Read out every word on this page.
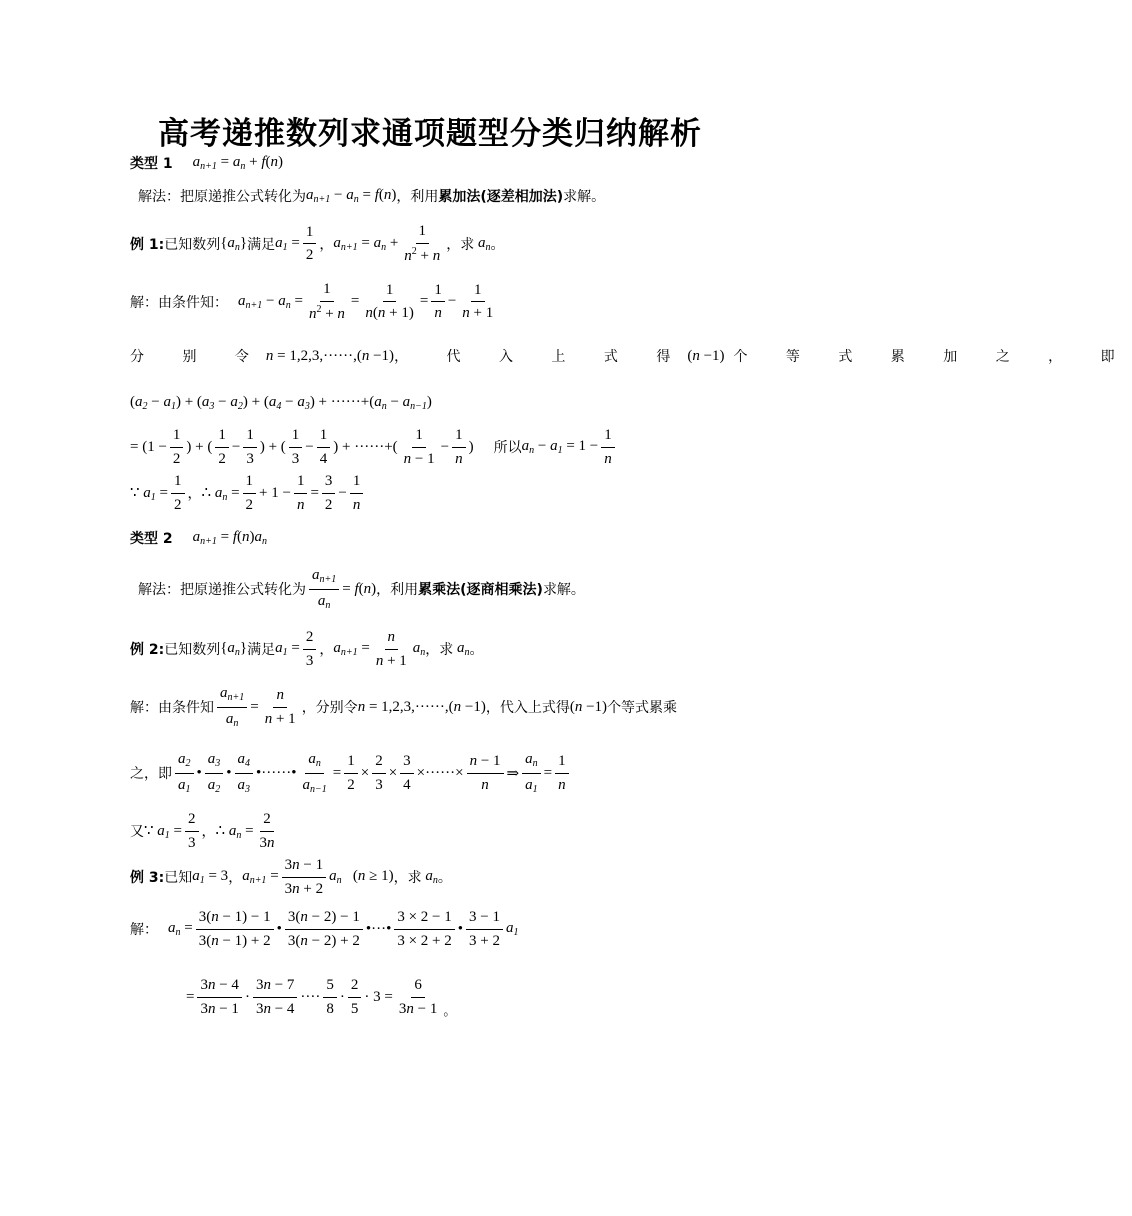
高考递推数列求通项题型分类归纳解析
类型 1 $a_{n+1} = a_n + f(n)$
解法：把原递推公式转化为 $a_{n+1} - a_n = f(n)$ ，利用 累加法(逐差相加法) 求解。
例 1: 已知数列 $\{a_n\}$ 满足 $a_1 = \frac{1}{2}$ ， $a_{n+1} = a_n + \frac{1}{n^2 + n}$ ，求 $a_n$ 。
解：由条件知： $a_{n+1} - a_n = \frac{1}{n^2 + n} = \frac{1}{n(n + 1)} = \frac{1}{n} - \frac{1}{n + 1}$
分 别 令 n = 1,2,3,······,(n −1) ， 代 入 上 式 得 (n −1)
个 等 式 累 加 之 ， 即
$(a_2 - a_1) + (a_3 - a_2) + (a_4 - a_3) + \cdot\cdot\cdot\cdot\cdot\cdot+(a_n - a_{n-1})$
= ($1 - \frac{1}{2}$ ) + ( $\frac{1}{2} - \frac{1}{3}$ ) + ( $\frac{1}{3} - \frac{1}{4}$ ) + ······+( $\frac{1}{n - 1} - \frac{1}{n}$ ) 所以 $a_n - a_1 = 1 - \frac{1}{n}$
∵ $a_1 = \frac{1}{2}$ ， ∴ $a_n = \frac{1}{2} + 1 - \frac{1}{n} = \frac{3}{2} - \frac{1}{n}$
类型 2 $a_{n+1} = f(n)a_n$
解法：把原递推公式转化为 $\frac{a_{n+1}}{a_n} = f(n)$ ，利用 累乘法(逐商相乘法) 求解。
例 2: 已知数列 $\{a_n\}$ 满足 $a_1 = \frac{2}{3}$ ， $a_{n+1} = \frac{n}{n + 1} a_n$ ，求 $a_n$ 。
解：由条件知 $\frac{a_{n+1}}{a_n} = \frac{n}{n + 1}$ ，分别令 n = 1,2,3,······,(n −1) ，代入上式得 (n −1) 个等式累乘
之，即 $\frac{a_2}{a_1}$ • $\frac{a_3}{a_2}$ • $\frac{a_4}{a_3}$ •······• $\frac{a_n}{a_{n-1}} = \frac{1}{2} \times \frac{2}{3} \times \frac{3}{4}$ ×······× $\frac{n - 1}{n}$ ⇒ $\frac{a_n}{a_1} = \frac{1}{n}$
又 ∵ $a_1 = \frac{2}{3}$ ， ∴ $a_n = \frac{2}{3n}$
例 3: 已知 $a_1 = 3$ ， $a_{n+1} = \frac{3n - 1}{3n + 2} a_n$ (n ≥ 1) ，求 $a_n$ 。
解： $a_n = \frac{3(n - 1) - 1}{3(n - 1) + 2}$ • $\frac{3(n - 2) - 1}{3(n - 2) + 2}$ •···• $\frac{3 \times 2 - 1}{3 \times 2 + 2}$ • $\frac{3 - 1}{3 + 2} a_1$
= $\frac{3n - 4}{3n - 1} \cdot \frac{3n - 7}{3n - 4}$ ···· $\frac{5}{8} \cdot \frac{2}{5} \cdot 3 = \frac{6}{3n - 1}$ 。
